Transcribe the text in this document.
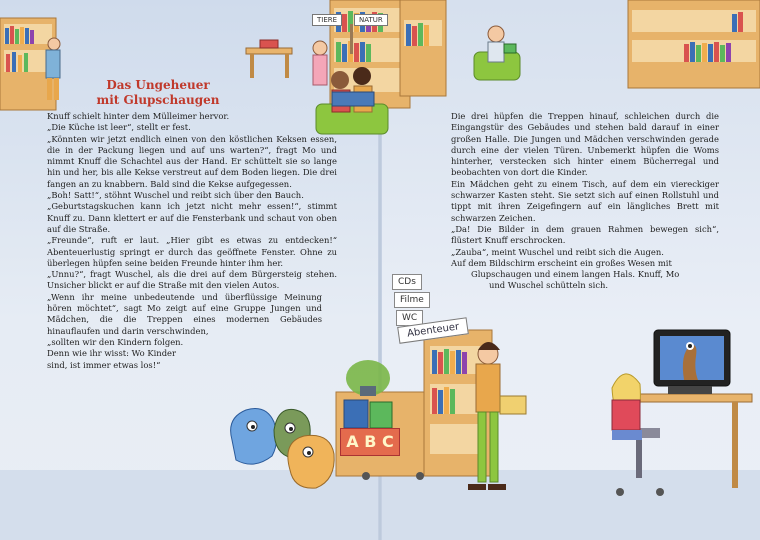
TIERE	NATUR
CDs
Filme
WC
Abenteuer
A B C
Das Ungeheuer
mit Glupschaugen

Knuff schielt hinter dem Mülleimer hervor.

„Die Küche ist leer“, stellt er fest.

„Könnten wir jetzt endlich einen von den köstlichen Keksen essen, die in der Packung liegen und auf uns warten?“, fragt Mo und nimmt Knuff die Schachtel aus der Hand. Er schüttelt sie so lange hin und her, bis alle Kekse verstreut auf dem Boden liegen. Die drei fangen an zu knabbern. Bald sind die Kekse aufgegessen.

„Boh! Satt!“, stöhnt Wuschel und reibt sich über den Bauch.

„Geburtstagskuchen kann ich jetzt nicht mehr essen!“, stimmt Knuff zu. Dann klettert er auf die Fensterbank und schaut von oben auf die Straße.

„Freunde“, ruft er laut. „Hier gibt es etwas zu entdecken!“ Abenteuerlustig springt er durch das geöffnete Fenster. Ohne zu überlegen hüpfen seine beiden Freunde hinter ihm her.

„Unnu?“, fragt Wuschel, als die drei auf dem Bürgersteig stehen. Unsicher blickt er auf die Straße mit den vielen Autos.

„Wenn ihr meine unbedeutende und überflüssige Meinung hören möchtet“, sagt Mo zeigt auf eine Gruppe Jungen und Mädchen, die die Treppen eines modernen Gebäudes hinauflaufen und darin verschwinden,

„sollten wir den Kindern folgen.

Denn wie ihr wisst: Wo Kinder

sind, ist immer etwas los!“

Die drei hüpfen die Treppen hinauf, schleichen durch die Eingangstür des Gebäudes und stehen bald darauf in einer großen Halle. Die Jungen und Mädchen verschwinden gerade durch eine der vielen Türen. Unbemerkt hüpfen die Woms hinterher, verstecken sich hinter einem Bücherregal und beobachten von dort die Kinder.

Ein Mädchen geht zu einem Tisch, auf dem ein viereckiger schwarzer Kasten steht. Sie setzt sich auf einen Rollstuhl und tippt mit ihren Zeigefingern auf ein längliches Brett mit schwarzen Zeichen.

„Da! Die Bilder in dem grauen Rahmen bewegen sich“, flüstert Knuff erschrocken.

„Zauba“, meint Wuschel und reibt sich die Augen.

Auf dem Bildschirm erscheint ein großes Wesen mit

Glupschaugen und einem langen Hals. Knuff, Mo

und Wuschel schütteln sich.
